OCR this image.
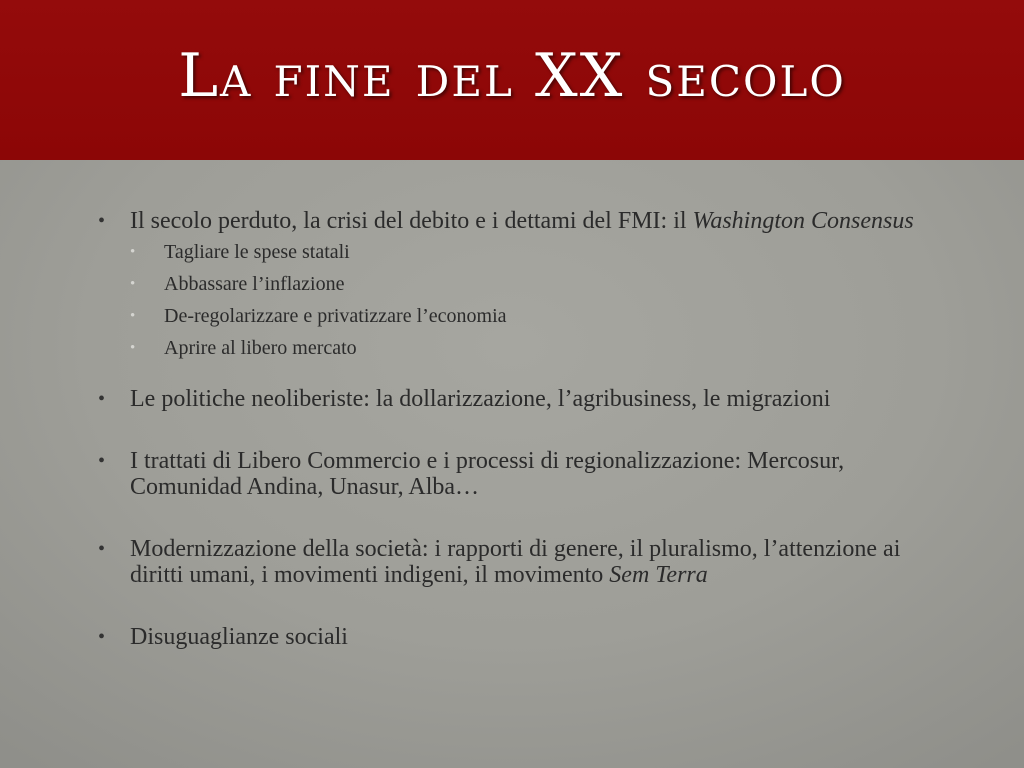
La fine del XX secolo
• Il secolo perduto, la crisi del debito e i dettami del FMI: il Washington Consensus
• Tagliare le spese statali
• Abbassare l’inflazione
• De-regolarizzare e privatizzare l’economia
• Aprire al libero mercato
• Le politiche neoliberiste: la dollarizzazione, l’agribusiness, le migrazioni
• I trattati di Libero Commercio e i processi di regionalizzazione: Mercosur, Comunidad Andina, Unasur, Alba…
• Modernizzazione della società: i rapporti di genere, il pluralismo, l’attenzione ai diritti umani, i movimenti indigeni, il movimento Sem Terra
• Disuguaglianze sociali
